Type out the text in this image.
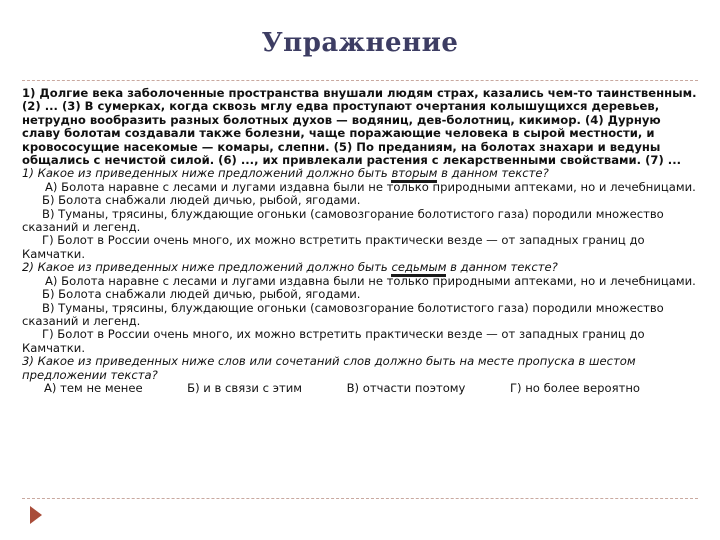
Упражнение

1) Долгие века заболоченные пространства внушали людям страх, казались чем-то таинственным. (2) ... (3) В сумерках, когда сквозь мглу едва проступают очертания колышущихся деревьев, нетрудно вообразить разных болотных духов — водяниц, дев-болотниц, кикимор. (4) Дурную славу болотам создавали также болезни, чаще поражающие человека в сырой местности, и кровососущие насекомые — комары, слепни. (5) По преданиям, на болотах знахари и ведуны общались с нечистой силой. (6) ..., их привлекали растения с лекарственными свойствами. (7) ...

1) Какое из приведенных ниже предложений должно быть вторым в данном тексте?

А) Болота наравне с лесами и лугами издавна были не только природными аптеками, но и лечебницами.

Б) Болота снабжали людей дичью, рыбой, ягодами.

В) Туманы, трясины, блуждающие огоньки (самовозгорание болотистого газа) породили множество сказаний и легенд.

Г) Болот в России очень много, их можно встретить практически везде — от западных границ до Камчатки.

2) Какое из приведенных ниже предложений должно быть седьмым в данном тексте?

А) Болота наравне с лесами и лугами издавна были не только природными аптеками, но и лечебницами.

Б) Болота снабжали людей дичью, рыбой, ягодами.

В) Туманы, трясины, блуждающие огоньки (самовозгорание болотистого газа) породили множество сказаний и легенд.

Г) Болот в России очень много, их можно встретить практически везде — от западных границ до Камчатки.

3) Какое из приведенных ниже слов или сочетаний слов должно быть на месте пропуска в шестом предложении текста?

А) тем не менее	Б) и в связи с этим	В) отчасти поэтому	Г) но более вероятно
